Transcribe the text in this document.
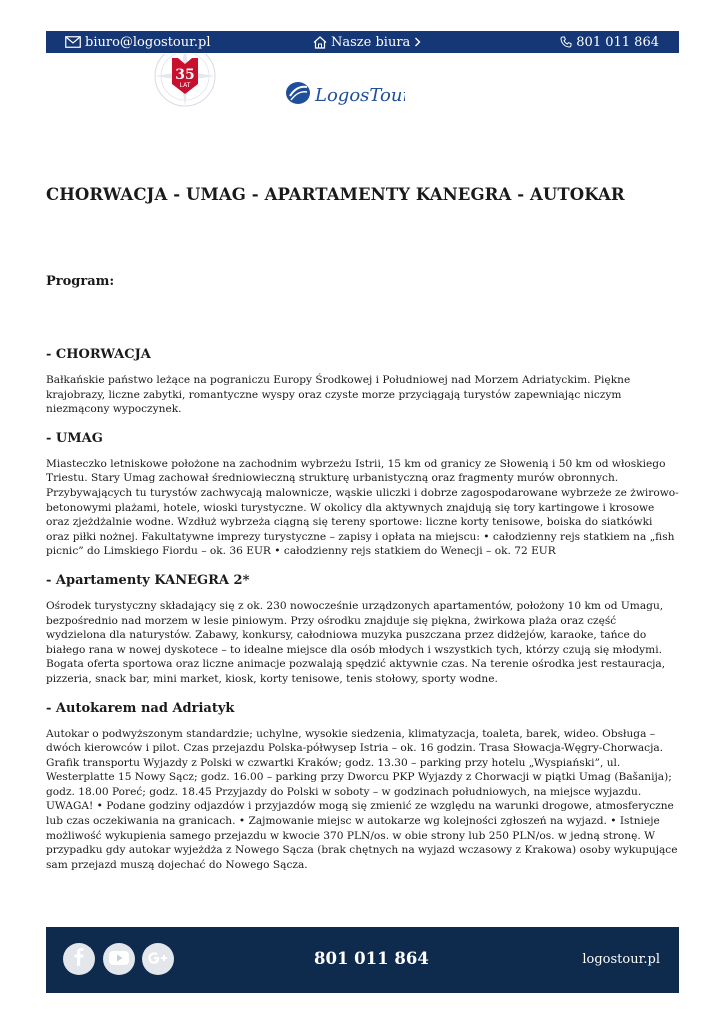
biuro@logostour.pl	Nasze biura	801 011 864
35
LAT	LogosTour
CHORWACJA - UMAG - APARTAMENTY KANEGRA - AUTOKAR
Program:
- CHORWACJA

Bałkańskie państwo leżące na pograniczu Europy Środkowej i Południowej nad Morzem Adriatyckim. Piękne krajobrazy, liczne zabytki, romantyczne wyspy oraz czyste morze przyciągają turystów zapewniając niczym niezmącony wypoczynek.

- UMAG

Miasteczko letniskowe położone na zachodnim wybrzeżu Istrii, 15 km od granicy ze Słowenią i 50 km od włoskiego Triestu. Stary Umag zachował średniowieczną strukturę urbanistyczną oraz fragmenty murów obronnych. Przybywających tu turystów zachwycają malownicze, wąskie uliczki i dobrze zagospodarowane wybrzeże ze żwirowo-betonowymi plażami, hotele, wioski turystyczne. W okolicy dla aktywnych znajdują się tory kartingowe i krosowe oraz zjeżdżalnie wodne. Wzdłuż wybrzeża ciągną się tereny sportowe: liczne korty tenisowe, boiska do siatkówki oraz piłki nożnej. Fakultatywne imprezy turystyczne – zapisy i opłata na miejscu: • całodzienny rejs statkiem na „fish picnic” do Limskiego Fiordu – ok. 36 EUR • całodzienny rejs statkiem do Wenecji – ok. 72 EUR

- Apartamenty KANEGRA 2*

Ośrodek turystyczny składający się z ok. 230 nowocześnie urządzonych apartamentów, położony 10 km od Umagu, bezpośrednio nad morzem w lesie piniowym. Przy ośrodku znajduje się piękna, żwirkowa plaża oraz część wydzielona dla naturystów. Zabawy, konkursy, całodniowa muzyka puszczana przez didżejów, karaoke, tańce do białego rana w nowej dyskotece – to idealne miejsce dla osób młodych i wszystkich tych, którzy czują się młodymi. Bogata oferta sportowa oraz liczne animacje pozwalają spędzić aktywnie czas. Na terenie ośrodka jest restauracja, pizzeria, snack bar, mini market, kiosk, korty tenisowe, tenis stołowy, sporty wodne.

- Autokarem nad Adriatyk

Autokar o podwyższonym standardzie; uchylne, wysokie siedzenia, klimatyzacja, toaleta, barek, wideo. Obsługa – dwóch kierowców i pilot. Czas przejazdu Polska-półwysep Istria – ok. 16 godzin. Trasa Słowacja-Węgry-Chorwacja. Grafik transportu Wyjazdy z Polski w czwartki Kraków; godz. 13.30 – parking przy hotelu „Wyspiański”, ul. Westerplatte 15 Nowy Sącz; godz. 16.00 – parking przy Dworcu PKP Wyjazdy z Chorwacji w piątki Umag (Bašanija); godz. 18.00 Poreć; godz. 18.45 Przyjazdy do Polski w soboty – w godzinach południowych, na miejsce wyjazdu. UWAGA! • Podane godziny odjazdów i przyjazdów mogą się zmienić ze względu na warunki drogowe, atmosferyczne lub czas oczekiwania na granicach. • Zajmowanie miejsc w autokarze wg kolejności zgłoszeń na wyjazd. • Istnieje możliwość wykupienia samego przejazdu w kwocie 370 PLN/os. w obie strony lub 250 PLN/os. w jedną stronę. W przypadku gdy autokar wyjeżdża z Nowego Sącza (brak chętnych na wyjazd wczasowy z Krakowa) osoby wykupujące sam przejazd muszą dojechać do Nowego Sącza.

801 011 864	logostour.pl
